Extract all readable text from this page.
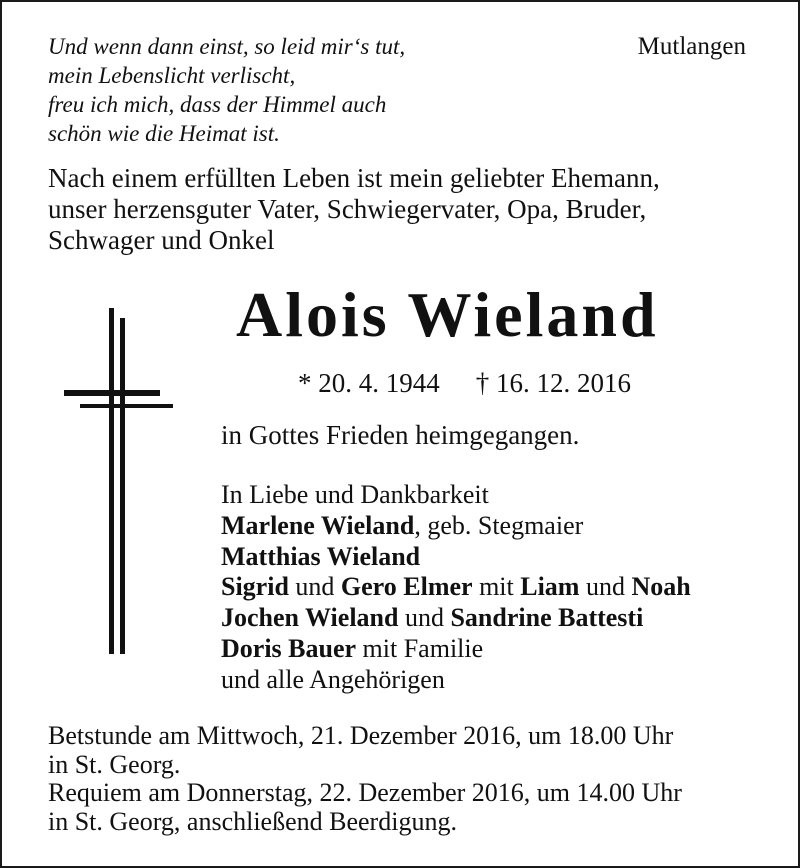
Und wenn dann einst, so leid mir‘s tut,
mein Lebenslicht verlischt,
freu ich mich, dass der Himmel auch
schön wie die Heimat ist.
Mutlangen
Nach einem erfüllten Leben ist mein geliebter Ehemann,
unser herzensguter Vater, Schwiegervater, Opa, Bruder,
Schwager und Onkel
Alois Wieland
* 20. 4. 1944 † 16. 12. 2016
in Gottes Frieden heimgegangen.
In Liebe und Dankbarkeit
Marlene Wieland, geb. Stegmaier
Matthias Wieland
Sigrid und Gero Elmer mit Liam und Noah
Jochen Wieland und Sandrine Battesti
Doris Bauer mit Familie
und alle Angehörigen
Betstunde am Mittwoch, 21. Dezember 2016, um 18.00 Uhr
in St. Georg.
Requiem am Donnerstag, 22. Dezember 2016, um 14.00 Uhr
in St. Georg, anschließend Beerdigung.
